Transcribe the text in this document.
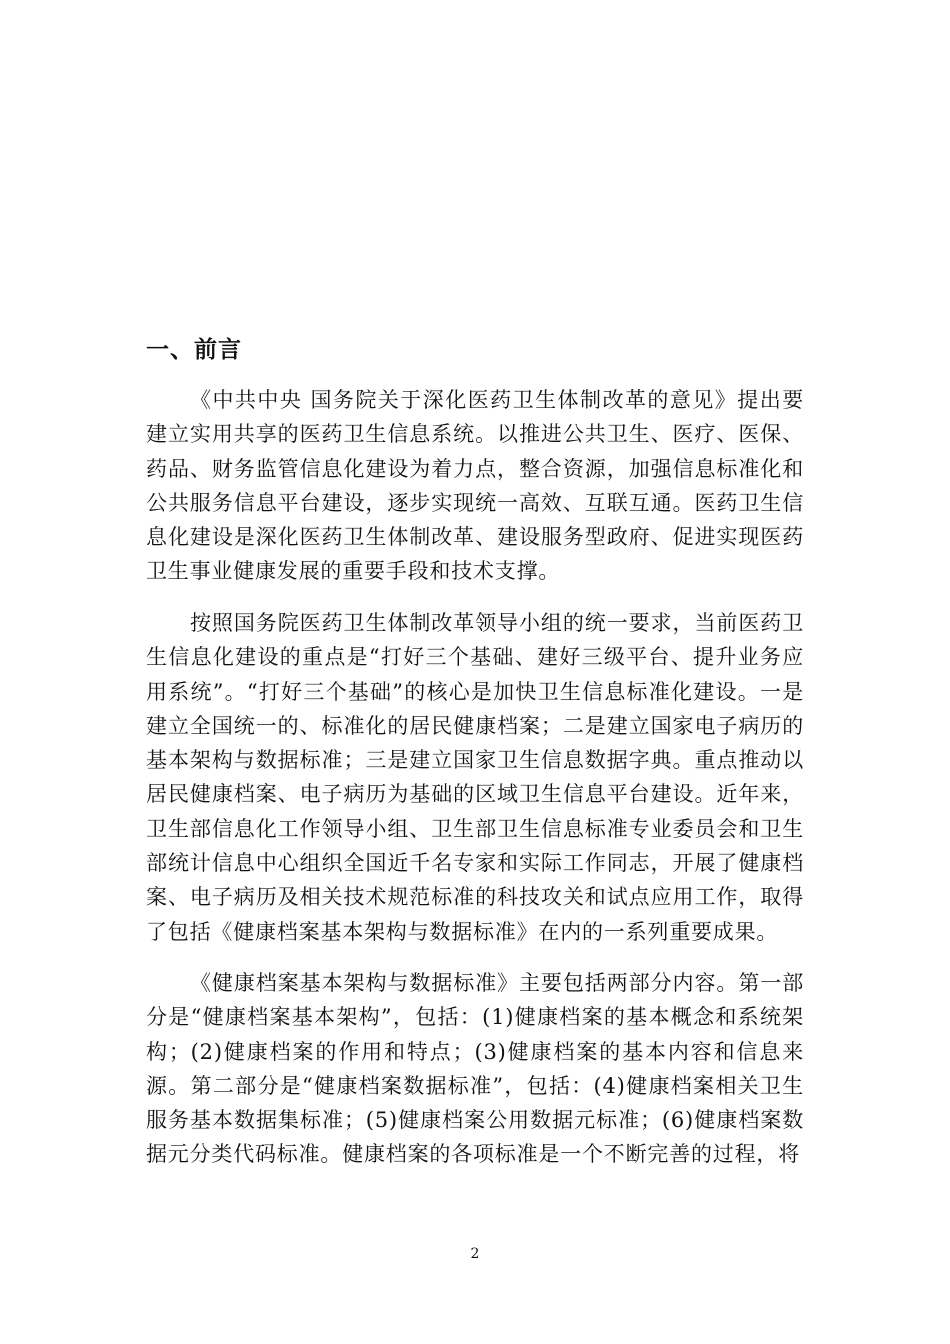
一、前言

《中共中央 国务院关于深化医药卫生体制改革的意见》提出要建立实用共享的医药卫生信息系统。以推进公共卫生、医疗、医保、药品、财务监管信息化建设为着力点，整合资源，加强信息标准化和公共服务信息平台建设，逐步实现统一高效、互联互通。医药卫生信息化建设是深化医药卫生体制改革、建设服务型政府、促进实现医药卫生事业健康发展的重要手段和技术支撑。

按照国务院医药卫生体制改革领导小组的统一要求，当前医药卫生信息化建设的重点是“打好三个基础、建好三级平台、提升业务应用系统”。“打好三个基础”的核心是加快卫生信息标准化建设。一是建立全国统一的、标准化的居民健康档案；二是建立国家电子病历的基本架构与数据标准；三是建立国家卫生信息数据字典。重点推动以居民健康档案、电子病历为基础的区域卫生信息平台建设。近年来，卫生部信息化工作领导小组、卫生部卫生信息标准专业委员会和卫生部统计信息中心组织全国近千名专家和实际工作同志，开展了健康档案、电子病历及相关技术规范标准的科技攻关和试点应用工作，取得了包括《健康档案基本架构与数据标准》在内的一系列重要成果。

《健康档案基本架构与数据标准》主要包括两部分内容。第一部分是“健康档案基本架构”，包括：(1)健康档案的基本概念和系统架构；(2)健康档案的作用和特点；(3)健康档案的基本内容和信息来源。第二部分是“健康档案数据标准”，包括：(4)健康档案相关卫生服务基本数据集标准；(5)健康档案公用数据元标准；(6)健康档案数据元分类代码标准。健康档案的各项标准是一个不断完善的过程，将

2
